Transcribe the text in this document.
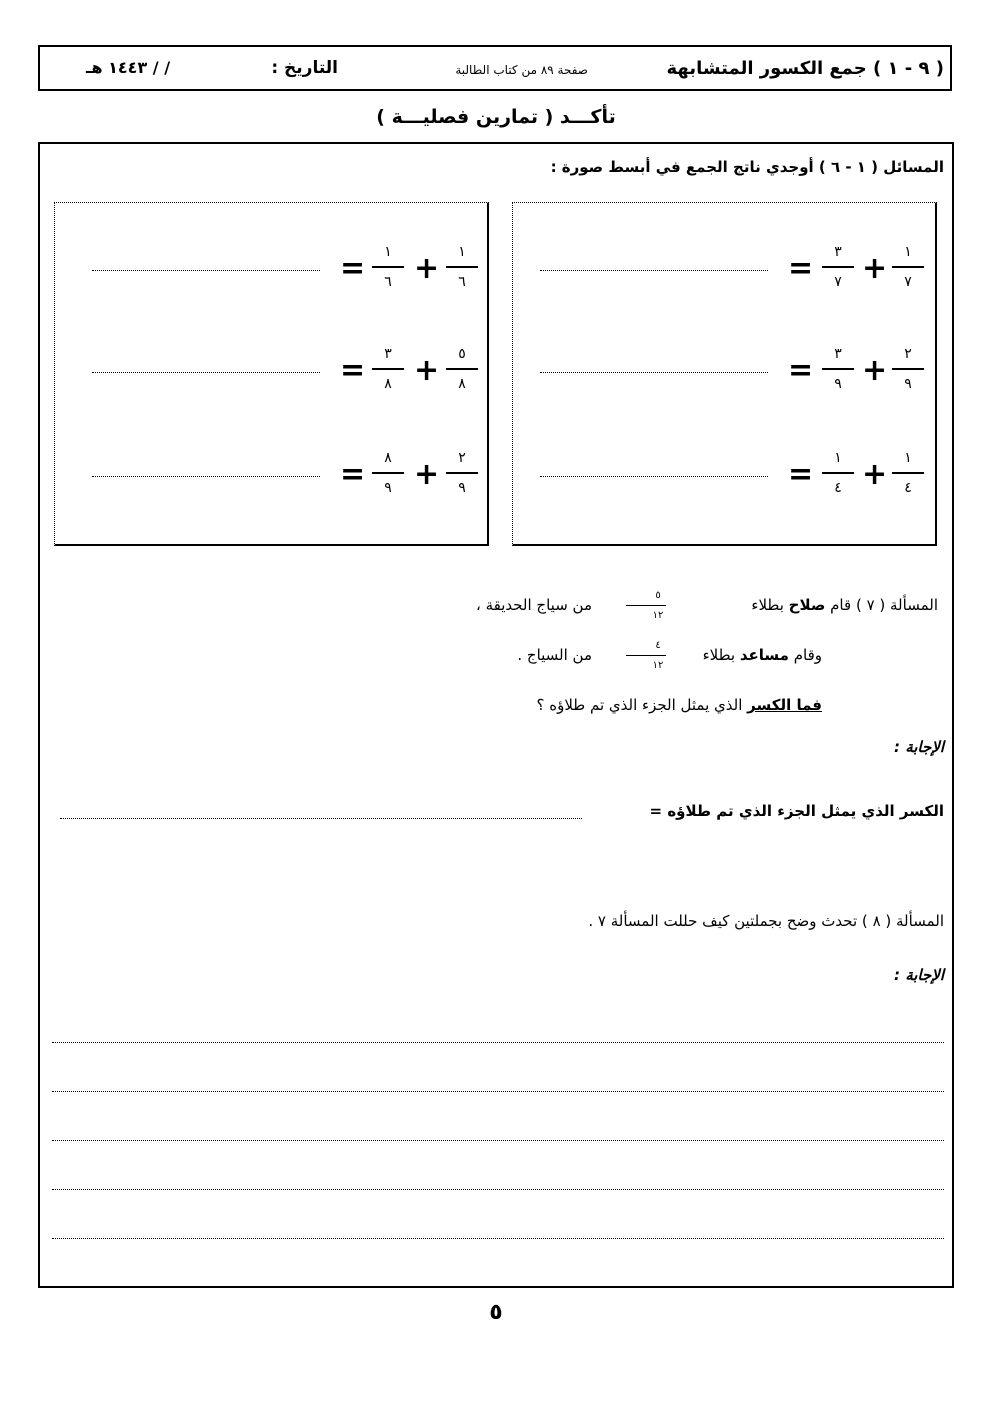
( ٩ - ١ ) جمع الكسور المتشابهة
صفحة ٨٩ من كتاب الطالبة
التاريخ :
/ / ١٤٤٣ هـ
تأكـــد ( تمارين فصليـــة )
المسائل ( ١ - ٦ ) أوجدي ناتج الجمع في أبسط صورة :
١
٧
٣
٧ +
=
٢
٩
٣
٩ +
=
١
٤
١
٤ +
=
١
٦
١
٦ +
=
٥
٨
٣
٨ +
=
٢
٩
٨
٩ +
=
المسألة ( ٧ ) قام صلاح بطلاء
٥
١٢
من سياج الحديقة ،
وقام مساعد بطلاء
٤
١٢
من السياج .
فما الكسر الذي يمثل الجزء الذي تم طلاؤه ؟
الإجابة :
الكسر الذي يمثل الجزء الذي تم طلاؤه =
المسألة ( ٨ ) تحدث وضح بجملتين كيف حللت المسألة ٧ .
الإجابة :
٥
